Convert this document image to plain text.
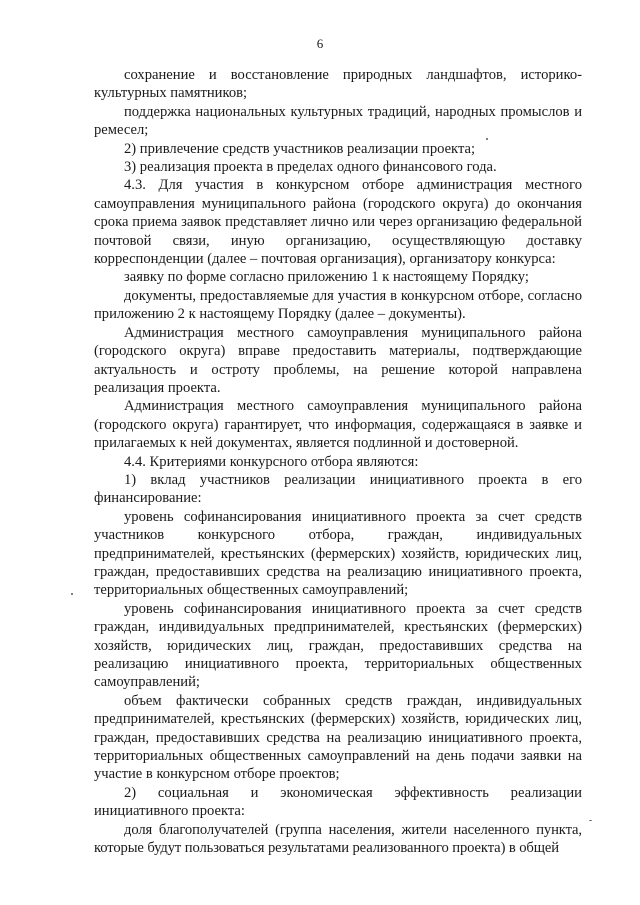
6

сохранение и восстановление природных ландшафтов, историко-культурных памятников;

поддержка национальных культурных традиций, народных промыслов и ремесел;

2) привлечение средств участников реализации проекта;

3) реализация проекта в пределах одного финансового года.

4.3. Для участия в конкурсном отборе администрация местного самоуправления муниципального района (городского округа) до окончания срока приема заявок представляет лично или через организацию федеральной почтовой связи, иную организацию, осуществляющую доставку корреспонденции (далее – почтовая организация), организатору конкурса:

заявку по форме согласно приложению 1 к настоящему Порядку;

документы, предоставляемые для участия в конкурсном отборе, согласно приложению 2 к настоящему Порядку (далее – документы).

Администрация местного самоуправления муниципального района (городского округа) вправе предоставить материалы, подтверждающие актуальность и остроту проблемы, на решение которой направлена реализация проекта.

Администрация местного самоуправления муниципального района (городского округа) гарантирует, что информация, содержащаяся в заявке и прилагаемых к ней документах, является подлинной и достоверной.

4.4. Критериями конкурсного отбора являются:

1) вклад участников реализации инициативного проекта в его финансирование:

уровень софинансирования инициативного проекта за счет средств участников конкурсного отбора, граждан, индивидуальных предпринимателей, крестьянских (фермерских) хозяйств, юридических лиц, граждан, предоставивших средства на реализацию инициативного проекта, территориальных общественных самоуправлений;

уровень софинансирования инициативного проекта за счет средств граждан, индивидуальных предпринимателей, крестьянских (фермерских) хозяйств, юридических лиц, граждан, предоставивших средства на реализацию инициативного проекта, территориальных общественных самоуправлений;

объем фактически собранных средств граждан, индивидуальных предпринимателей, крестьянских (фермерских) хозяйств, юридических лиц, граждан, предоставивших средства на реализацию инициативного проекта, территориальных общественных самоуправлений на день подачи заявки на участие в конкурсном отборе проектов;

2) социальная и экономическая эффективность реализации инициативного проекта:

доля благополучателей (группа населения, жители населенного пункта, которые будут пользоваться результатами реализованного проекта) в общей
